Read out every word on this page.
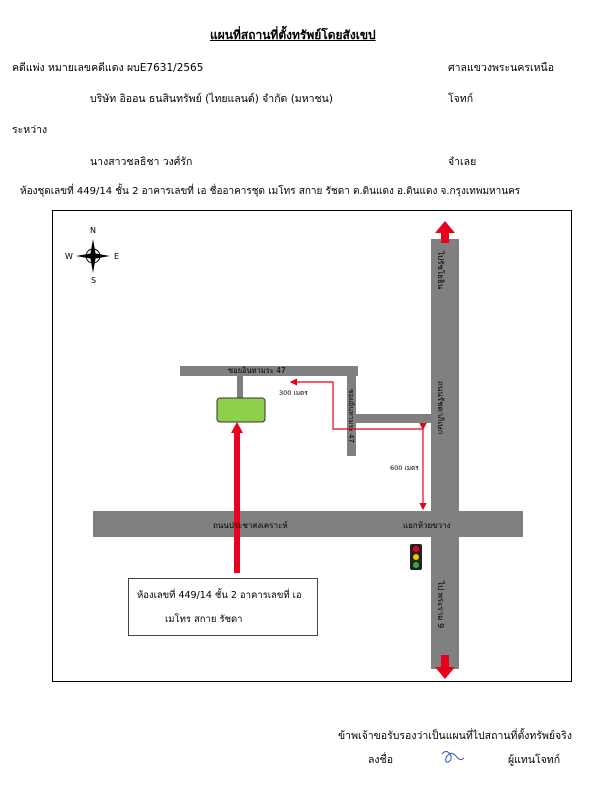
แผนที่สถานที่ตั้งทรัพย์โดยสังเขป
คดีแพ่ง หมายเลขคดีแดง ผบE7631/2565	ศาลแขวงพระนครเหนือ
บริษัท อิออน ธนสินทรัพย์ (ไทยแลนด์) จำกัด (มหาชน)	โจทก์
ระหว่าง
นางสาวชลธิชา วงศ์รัก	จำเลย
ห้องชุดเลขที่ 449/14 ชั้น 2 อาคารเลขที่ เอ ชื่ออาคารชุด เมโทร สกาย รัชดา ต.ดินแดง อ.ดินแดง จ.กรุงเทพมหานคร
N
S
E
W
ซอยอินทามระ 47
ซอยอินทามระ 47
ไปรัชโยธิน
ถนนรัชดาภิเษก
ไป พระราม 9
ถนนประชาสงเคราะห์	แยกห้วยขวาง
300 เมตร
600 เมตร
ห้องเลขที่ 449/14 ชั้น 2 อาคารเลขที่ เอ
เมโทร สกาย รัชดา
ข้าพเจ้าขอรับรองว่าเป็นแผนที่ไปสถานที่ตั้งทรัพย์จริง
ลงชื่อ	ผู้แทนโจทก์
